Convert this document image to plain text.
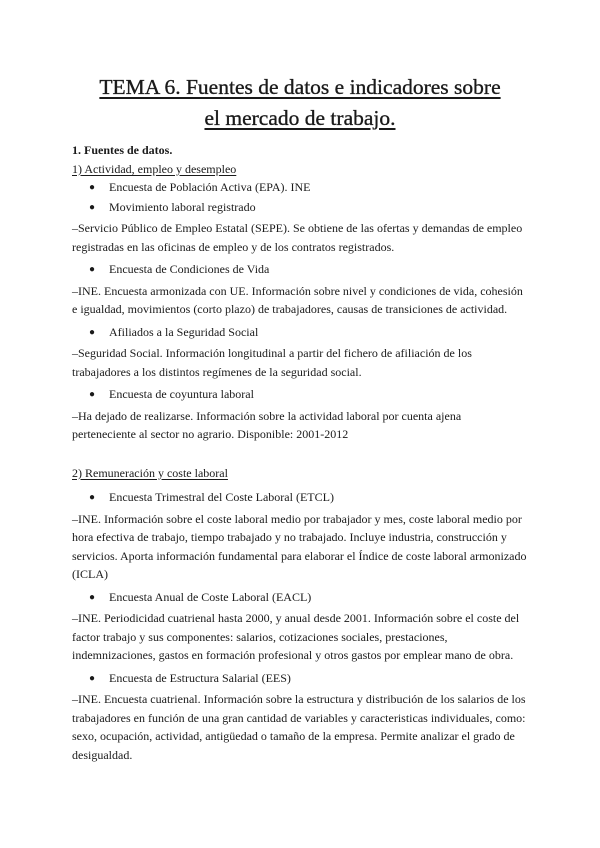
TEMA 6. Fuentes de datos e indicadores sobre
el mercado de trabajo.

1. Fuentes de datos.

1) Actividad, empleo y desempleo

● Encuesta de Población Activa (EPA). INE
● Movimiento laboral registrado

–Servicio Público de Empleo Estatal (SEPE). Se obtiene de las ofertas y demandas de empleo registradas en las oficinas de empleo y de los contratos registrados.

● Encuesta de Condiciones de Vida

–INE. Encuesta armonizada con UE. Información sobre nivel y condiciones de vida, cohesión e igualdad, movimientos (corto plazo) de trabajadores, causas de transiciones de actividad.

● Afiliados a la Seguridad Social

–Seguridad Social. Información longitudinal a partir del fichero de afiliación de los trabajadores a los distintos regímenes de la seguridad social.

● Encuesta de coyuntura laboral

–Ha dejado de realizarse. Información sobre la actividad laboral por cuenta ajena perteneciente al sector no agrario. Disponible: 2001-2012

2) Remuneración y coste laboral

● Encuesta Trimestral del Coste Laboral (ETCL)

–INE. Información sobre el coste laboral medio por trabajador y mes, coste laboral medio por hora efectiva de trabajo, tiempo trabajado y no trabajado. Incluye industria, construcción y servicios. Aporta información fundamental para elaborar el Índice de coste laboral armonizado (ICLA)

● Encuesta Anual de Coste Laboral (EACL)

–INE. Periodicidad cuatrienal hasta 2000, y anual desde 2001. Información sobre el coste del factor trabajo y sus componentes: salarios, cotizaciones sociales, prestaciones, indemnizaciones, gastos en formación profesional y otros gastos por emplear mano de obra.

● Encuesta de Estructura Salarial (EES)

–INE. Encuesta cuatrienal. Información sobre la estructura y distribución de los salarios de los trabajadores en función de una gran cantidad de variables y caracteristicas individuales, como: sexo, ocupación, actividad, antigüedad o tamaño de la empresa. Permite analizar el grado de desigualdad.
